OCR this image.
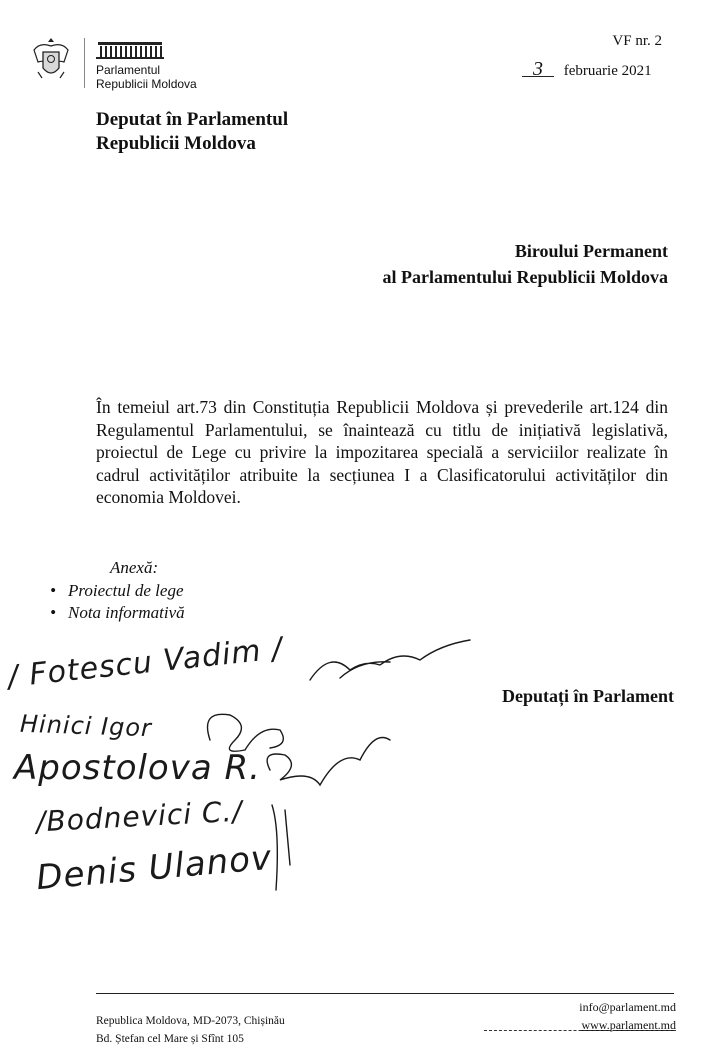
Parlamentul
Republicii Moldova
VF nr. 2
3 februarie 2021
Deputat în Parlamentul
Republicii Moldova
Biroului Permanent
al Parlamentului Republicii Moldova
În temeiul art.73 din Constituția Republicii Moldova și prevederile art.124 din Regulamentul Parlamentului, se înaintează cu titlu de inițiativă legislativă, proiectul de Lege cu privire la impozitarea specială a serviciilor realizate în cadrul activităților atribuite la secțiunea I a Clasificatorului activităților din economia Moldovei.
Anexă:
• Proiectul de lege
• Nota informativă
/ Fotescu Vadim /
Hinici Igor
Apostolova R.
/Bodnevici C./
Denis Ulanov
Deputați în Parlament
Republica Moldova, MD-2073, Chișinău
Bd. Ștefan cel Mare și Sfînt 105
info@parlament.md
www.parlament.md
